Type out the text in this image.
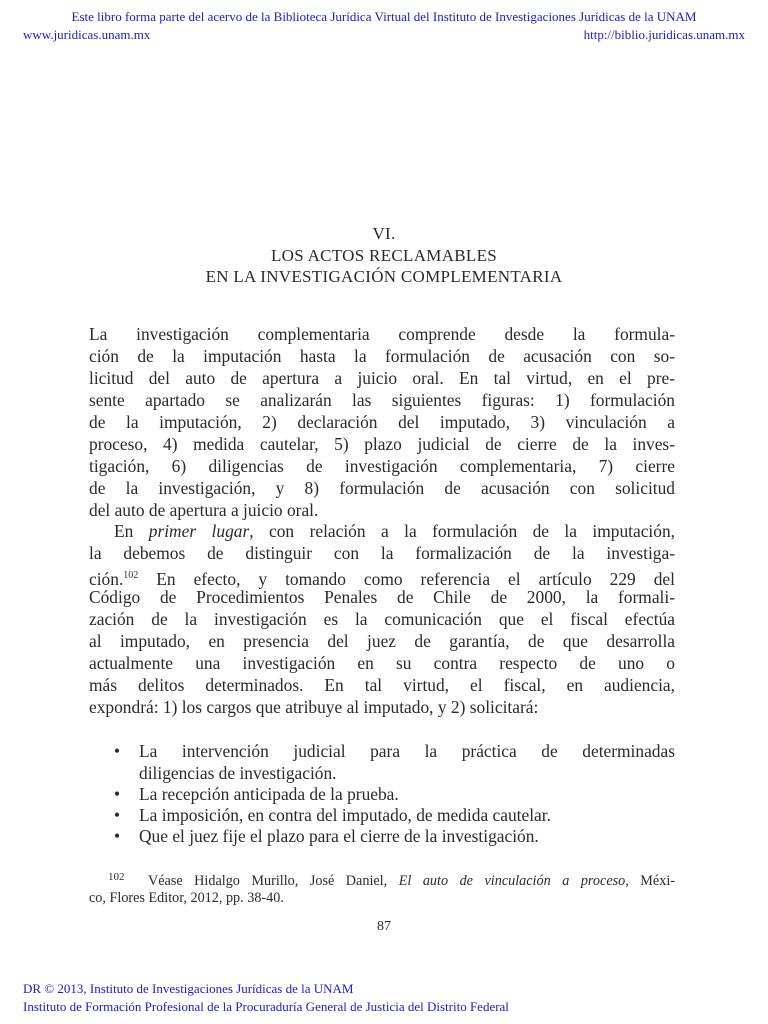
Este libro forma parte del acervo de la Biblioteca Jurídica Virtual del Instituto de Investigaciones Jurídicas de la UNAM
www.juridicas.unam.mx	http://biblio.juridicas.unam.mx
VI.
LOS ACTOS RECLAMABLES
EN LA INVESTIGACIÓN COMPLEMENTARIA
La investigación complementaria comprende desde la formula-
ción de la imputación hasta la formulación de acusación con so-
licitud del auto de apertura a juicio oral. En tal virtud, en el pre-
sente apartado se analizarán las siguientes figuras: 1) formulación
de la imputación, 2) declaración del imputado, 3) vinculación a
proceso, 4) medida cautelar, 5) plazo judicial de cierre de la inves-
tigación, 6) diligencias de investigación complementaria, 7) cierre
de la investigación, y 8) formulación de acusación con solicitud
del auto de apertura a juicio oral.
En primer lugar, con relación a la formulación de la imputación,
la debemos de distinguir con la formalización de la investiga-
ción.$^{102}$ En efecto, y tomando como referencia el artículo 229 del
Código de Procedimientos Penales de Chile de 2000, la formali-
zación de la investigación es la comunicación que el fiscal efectúa
al imputado, en presencia del juez de garantía, de que desarrolla
actualmente una investigación en su contra respecto de uno o
más delitos determinados. En tal virtud, el fiscal, en audiencia,
expondrá: 1) los cargos que atribuye al imputado, y 2) solicitará:
• La intervención judicial para la práctica de determinadas
diligencias de investigación.
• La recepción anticipada de la prueba.
• La imposición, en contra del imputado, de medida cautelar.
• Que el juez fije el plazo para el cierre de la investigación.
102 Véase Hidalgo Murillo, José Daniel, El auto de vinculación a proceso, Méxi-
co, Flores Editor, 2012, pp. 38-40.
87
DR © 2013, Instituto de Investigaciones Jurídicas de la UNAM
Instituto de Formación Profesional de la Procuraduría General de Justicia del Distrito Federal
